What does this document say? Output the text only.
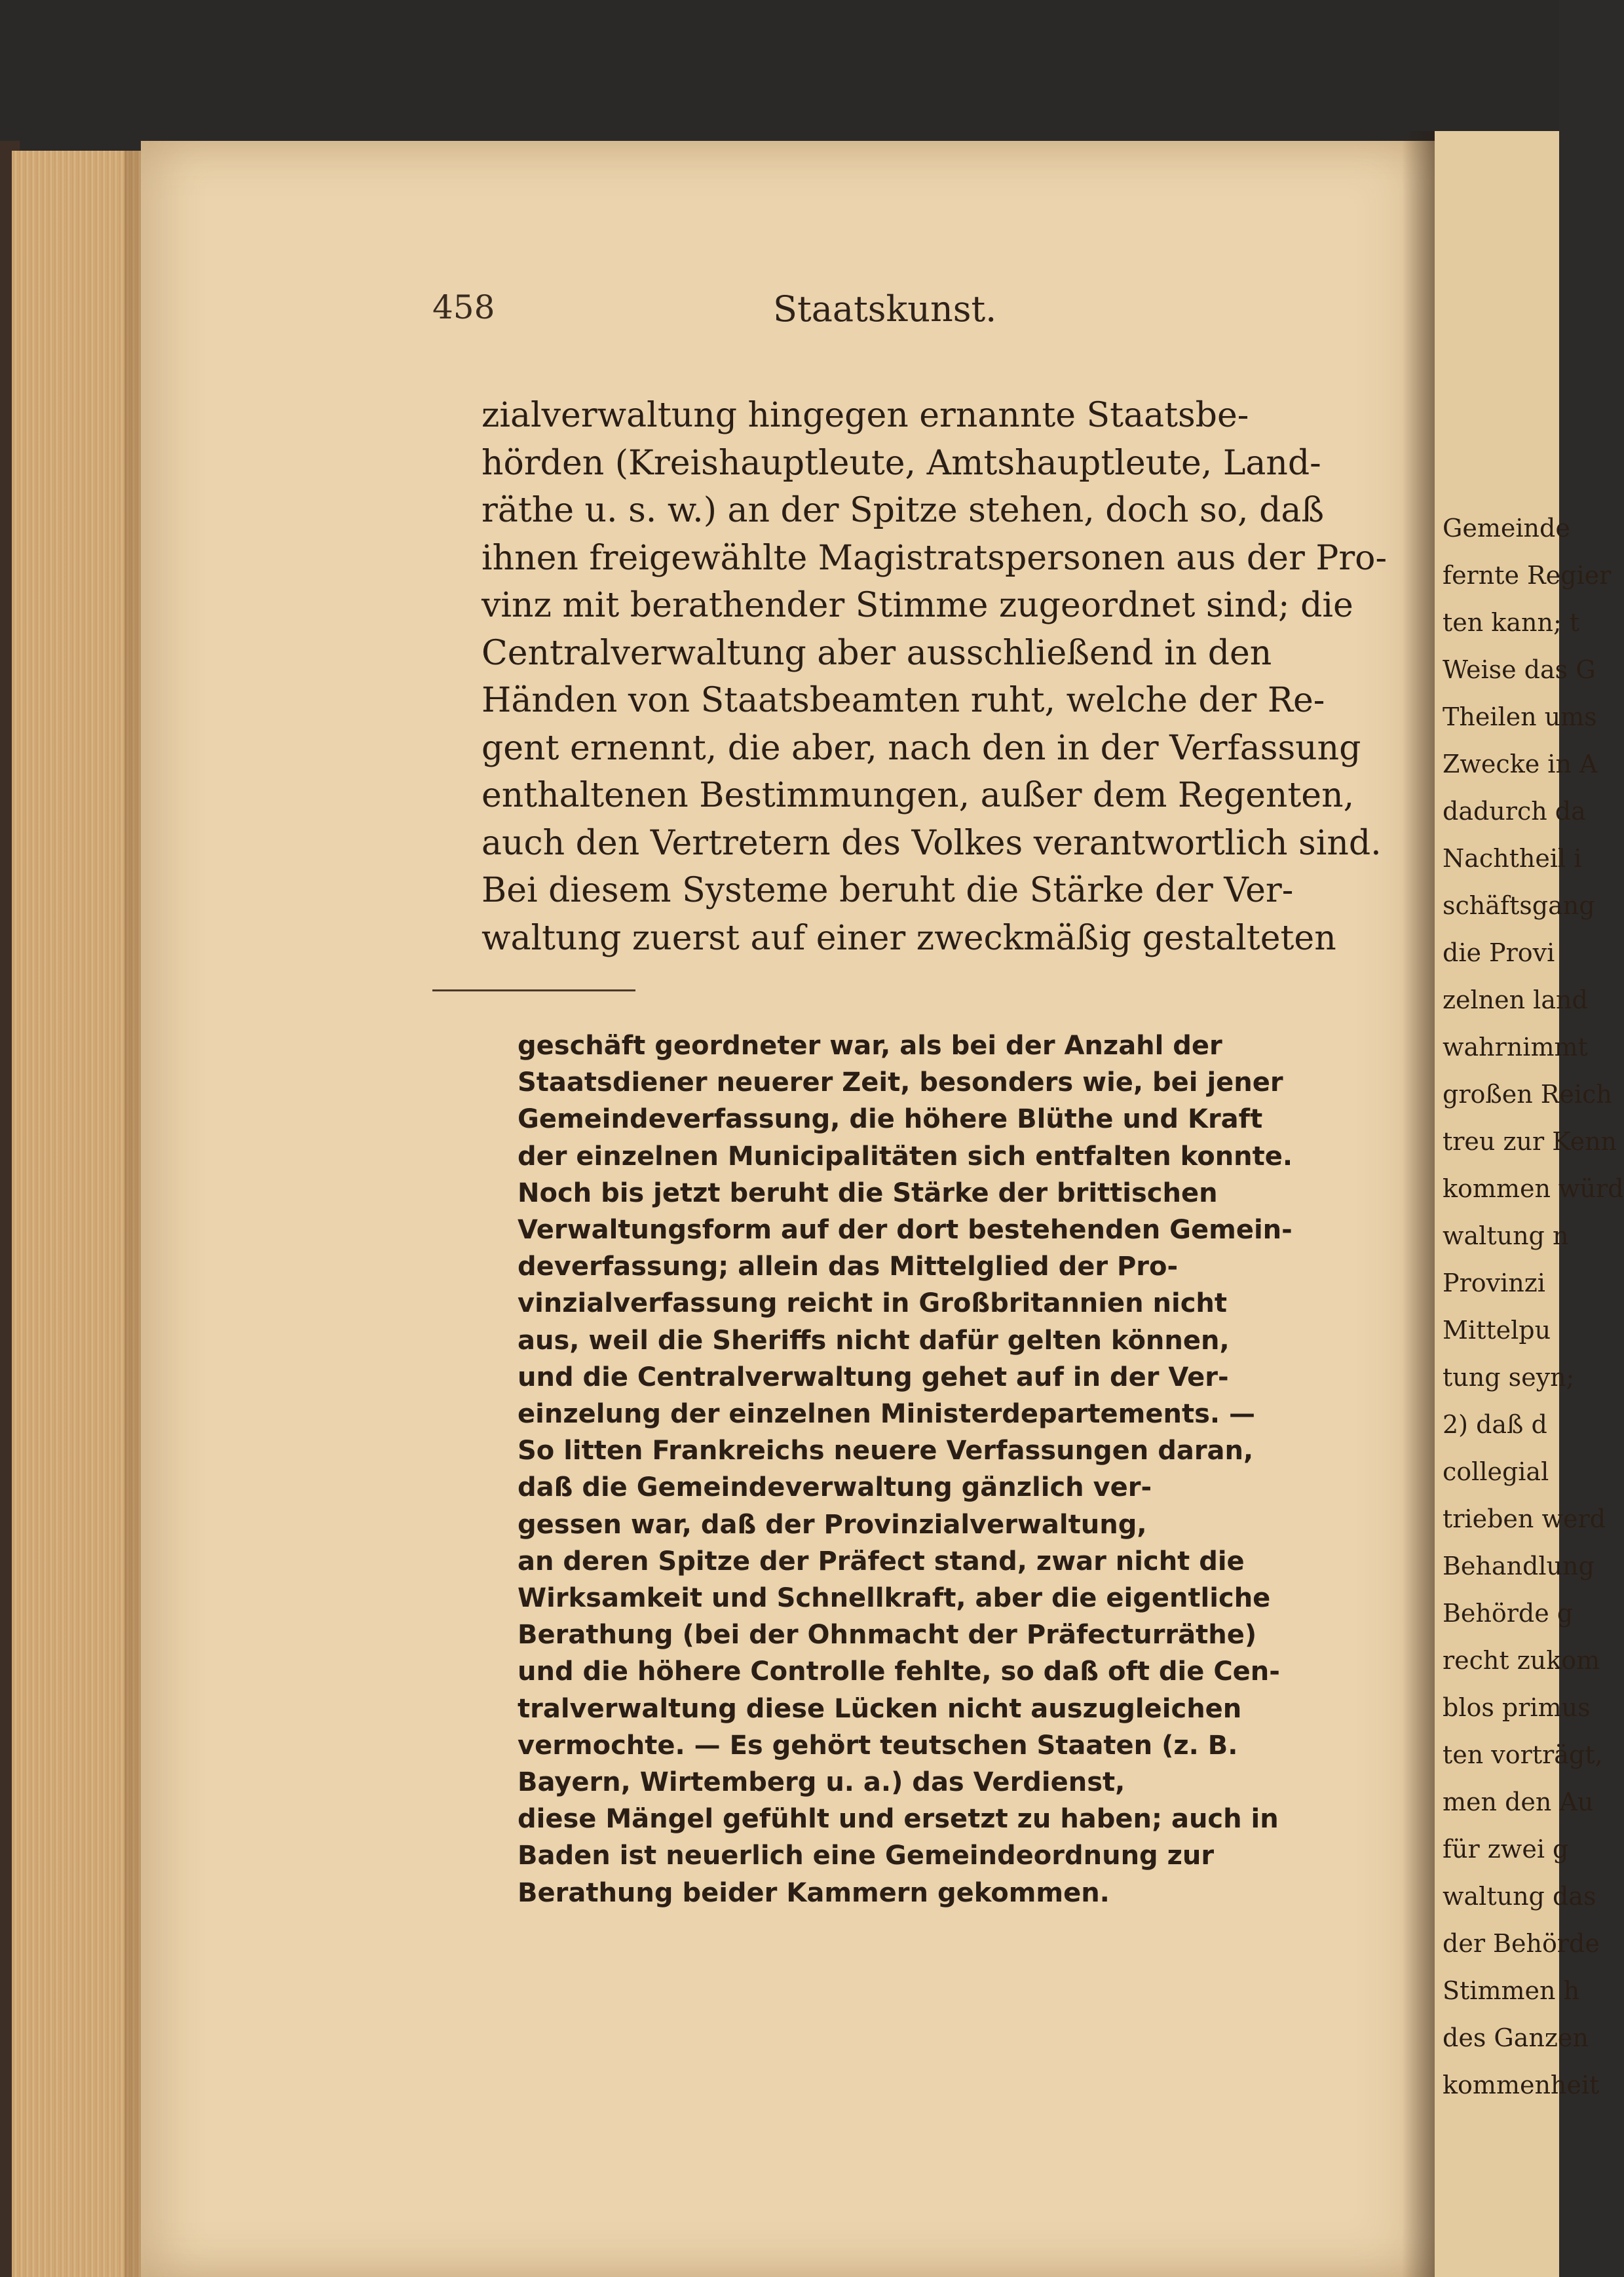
458	Staatskunst.
zialverwaltung hingegen ernannte Staatsbe-
hörden (Kreishauptleute, Amtshauptleute, Land-
räthe u. s. w.) an der Spitze stehen, doch so, daß
ihnen freigewählte Magistratspersonen aus der Pro-
vinz mit berathender Stimme zugeordnet sind; die
Centralverwaltung aber ausschließend in den
Händen von Staatsbeamten ruht, welche der Re-
gent ernennt, die aber, nach den in der Verfassung
enthaltenen Bestimmungen, außer dem Regenten,
auch den Vertretern des Volkes verantwortlich sind.
Bei diesem Systeme beruht die Stärke der Ver-
waltung zuerst auf einer zweckmäßig gestalteten
geschäft geordneter war, als bei der Anzahl der
Staatsdiener neuerer Zeit, besonders wie, bei jener
Gemeindeverfassung, die höhere Blüthe und Kraft
der einzelnen Municipalitäten sich entfalten konnte.
Noch bis jetzt beruht die Stärke der brittischen
Verwaltungsform auf der dort bestehenden Gemein-
deverfassung; allein das Mittelglied der Pro-
vinzialverfassung reicht in Großbritannien nicht
aus, weil die Sheriffs nicht dafür gelten können,
und die Centralverwaltung gehet auf in der Ver-
einzelung der einzelnen Ministerdepartements. —
So litten Frankreichs neuere Verfassungen daran,
daß die Gemeindeverwaltung gänzlich ver-
gessen war, daß der Provinzialverwaltung,
an deren Spitze der Präfect stand, zwar nicht die
Wirksamkeit und Schnellkraft, aber die eigentliche
Berathung (bei der Ohnmacht der Präfecturräthe)
und die höhere Controlle fehlte, so daß oft die Cen-
tralverwaltung diese Lücken nicht auszugleichen
vermochte. — Es gehört teutschen Staaten (z. B.
Bayern, Wirtemberg u. a.) das Verdienst,
diese Mängel gefühlt und ersetzt zu haben; auch in
Baden ist neuerlich eine Gemeindeordnung zur
Berathung beider Kammern gekommen.
Gemeinde
fernte Regier
ten kann; t
Weise das G
Theilen ums
Zwecke in A
dadurch da
Nachtheil i
schäftsgang
die Provi
zelnen land
wahrnimmt
großen Reich
treu zur Kenn
kommen würd
waltung n
Provinzi
Mittelpu
tung seyn;
2) daß d
collegial
trieben werd
Behandlung
Behörde g
recht zukom
blos primus
ten vorträgt,
men den Au
für zwei g
waltung das
der Behörde
Stimmen h
des Ganzen
kommenheit
